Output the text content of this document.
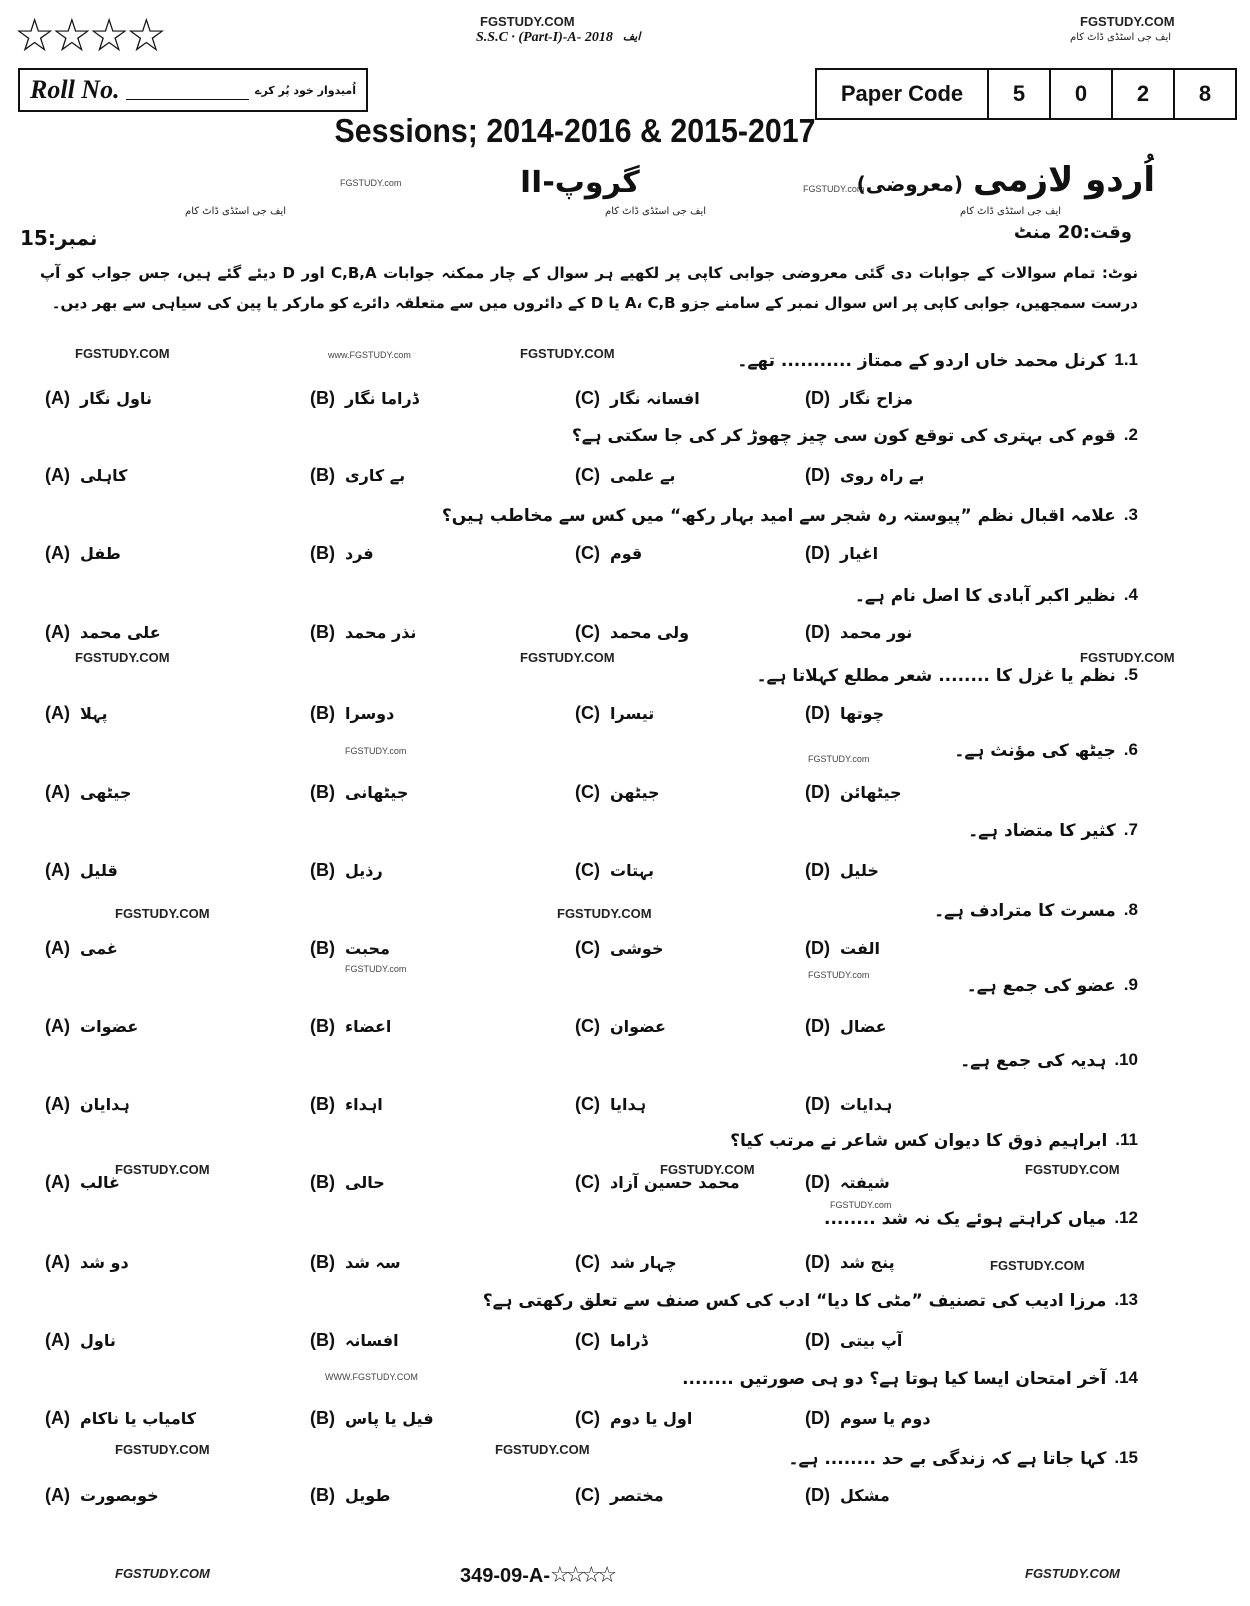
☆☆☆☆	FGSTUDY.COM
S.S.C · (Part-I)-A- 2018 ایف
FGSTUDY.COM
ایف جی اسٹڈی ڈاٹ کام
Roll No.	اُمیدوار خود پُر کرے	Paper Code	5	0	2	8
Sessions; 2014-2016 & 2015-2017
FGSTUDY.com
FGSTUDY.com	اُردو لازمی
(معروضی)
گروپ-II
ایف جی اسٹڈی ڈاٹ کام	ایف جی اسٹڈی ڈاٹ کام	ایف جی اسٹڈی ڈاٹ کام
وقت:20 منٹ
نمبر:15
نوٹ: تمام سوالات کے جوابات دی گئی معروضی جوابی کاپی پر لکھیے ہر سوال کے چار ممکنہ جوابات C,B,A اور D دیئے گئے ہیں، جس جواب کو آپ درست سمجھیں، جوابی کاپی پر اس سوال نمبر کے سامنے جزو A، C,B یا D کے دائروں میں سے متعلقہ دائرے کو مارکر یا پین کی سیاہی سے بھر دیں۔
FGSTUDY.COM	www.FGSTUDY.com	FGSTUDY.COM
FGSTUDY.COM	FGSTUDY.COM	FGSTUDY.COM
FGSTUDY.com
FGSTUDY.com
FGSTUDY.COM	FGSTUDY.COM
FGSTUDY.com
FGSTUDY.com
FGSTUDY.COM	FGSTUDY.COM	FGSTUDY.COM
FGSTUDY.com
FGSTUDY.COM
WWW.FGSTUDY.COM
FGSTUDY.COM	FGSTUDY.COM
1.1
کرنل محمد خاں اردو کے ممتاز ........... تھے۔
(A) ناول نگار	(B) ڈراما نگار	(C) افسانہ نگار	(D) مزاح نگار
2.
قوم کی بہتری کی توقع کون سی چیز چھوڑ کر کی جا سکتی ہے؟
(A) کاہلی	(B) بے کاری	(C) بے علمی	(D) بے راہ روی
3.
علامہ اقبال نظم ”پیوستہ رہ شجر سے امید بہار رکھ“ میں کس سے مخاطب ہیں؟
(A) طفل	(B) فرد	(C) قوم	(D) اغیار
4.
نظیر اکبر آبادی کا اصل نام ہے۔
(A) علی محمد	(B) نذر محمد	(C) ولی محمد	(D) نور محمد
5.
نظم یا غزل کا ........ شعر مطلع کہلاتا ہے۔
(A) پہلا	(B) دوسرا	(C) تیسرا	(D) چوتھا
6.
جیٹھ کی مؤنث ہے۔
(A) جیٹھی	(B) جیٹھانی	(C) جیٹھن	(D) جیٹھائن
7.
کثیر کا متضاد ہے۔
(A) قلیل	(B) رذیل	(C) بہتات	(D) خلیل
8.
مسرت کا مترادف ہے۔
(A) غمی	(B) محبت	(C) خوشی	(D) الفت
9.
عضو کی جمع ہے۔
(A) عضوات	(B) اعضاء	(C) عضوان	(D) عضال
10.
ہدیہ کی جمع ہے۔
(A) ہدایان	(B) اہداء	(C) ہدایا	(D) ہدایات
11.
ابراہیم ذوق کا دیوان کس شاعر نے مرتب کیا؟
(A) غالب	(B) حالی	(C) محمد حسین آزاد	(D) شیفتہ
12.
میاں کراہتے ہوئے یک نہ شد ........
(A) دو شد	(B) سہ شد	(C) چہار شد	(D) پنج شد
13.
مرزا ادیب کی تصنیف ”مٹی کا دیا“ ادب کی کس صنف سے تعلق رکھتی ہے؟
(A) ناول	(B) افسانہ	(C) ڈراما	(D) آپ بیتی
14.
آخر امتحان ایسا کیا ہوتا ہے؟ دو ہی صورتیں ........
(A) کامیاب یا ناکام	(B) فیل یا پاس	(C) اول یا دوم	(D) دوم یا سوم
15.
کہا جاتا ہے کہ زندگی بے حد ........ ہے۔
(A) خوبصورت	(B) طویل	(C) مختصر	(D) مشکل
FGSTUDY.COM	349-09-A-☆☆☆☆	FGSTUDY.COM
